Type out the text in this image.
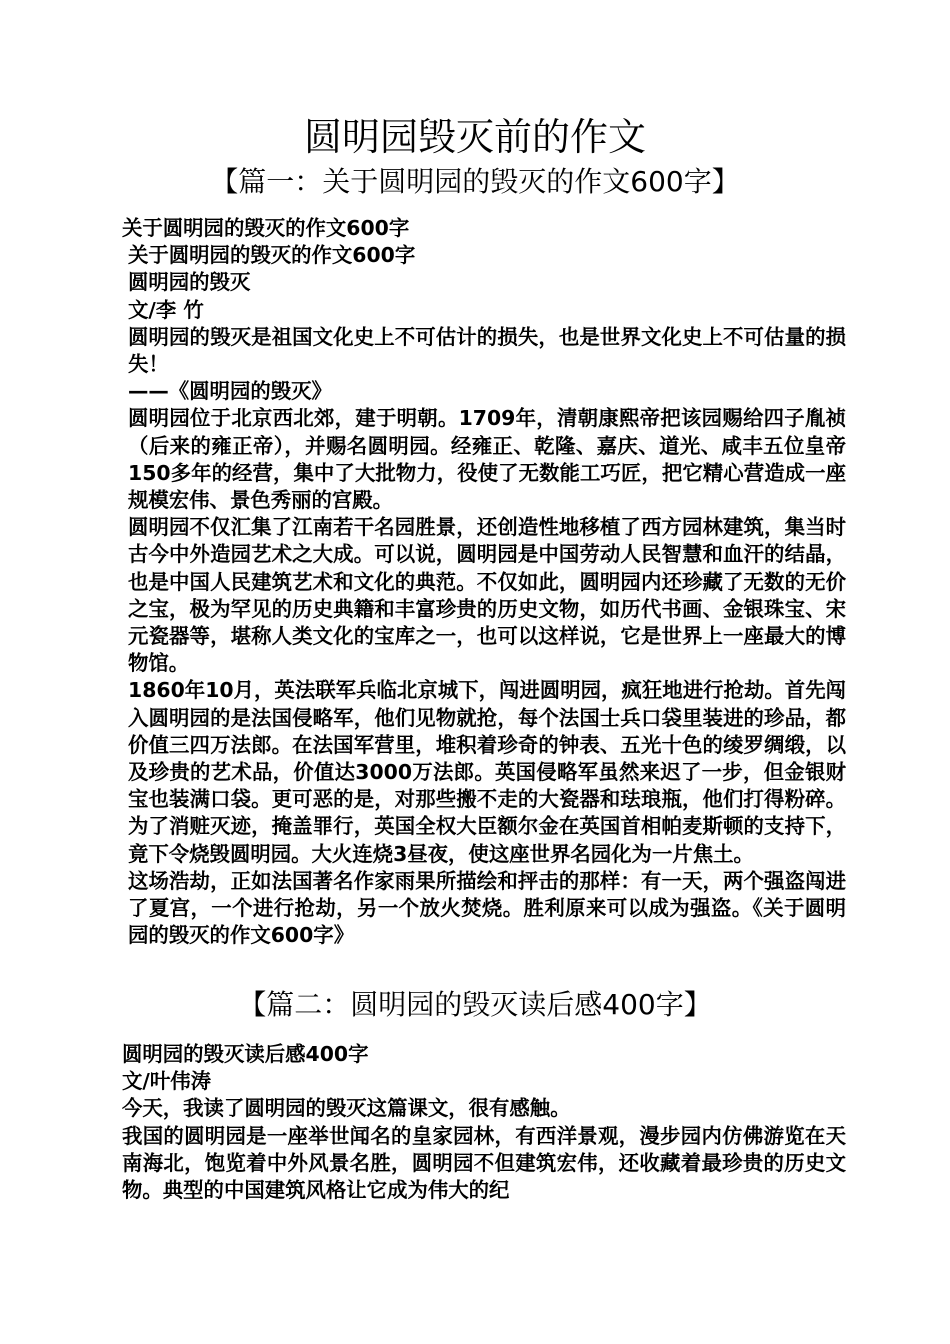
圆明园毁灭前的作文
【篇一：关于圆明园的毁灭的作文600字】

关于圆明园的毁灭的作文600字

关于圆明园的毁灭的作文600字

圆明园的毁灭

文/李 竹

圆明园的毁灭是祖国文化史上不可估计的损失，也是世界文化史上不可估量的损失！

——《圆明园的毁灭》

圆明园位于北京西北郊，建于明朝。1709年，清朝康熙帝把该园赐给四子胤祯（后来的雍正帝），并赐名圆明园。经雍正、乾隆、嘉庆、道光、咸丰五位皇帝150多年的经营，集中了大批物力，役使了无数能工巧匠，把它精心营造成一座规模宏伟、景色秀丽的宫殿。

圆明园不仅汇集了江南若干名园胜景，还创造性地移植了西方园林建筑，集当时古今中外造园艺术之大成。可以说，圆明园是中国劳动人民智慧和血汗的结晶，也是中国人民建筑艺术和文化的典范。不仅如此，圆明园内还珍藏了无数的无价之宝，极为罕见的历史典籍和丰富珍贵的历史文物，如历代书画、金银珠宝、宋元瓷器等，堪称人类文化的宝库之一，也可以这样说，它是世界上一座最大的博物馆。

1860年10月，英法联军兵临北京城下，闯进圆明园，疯狂地进行抢劫。首先闯入圆明园的是法国侵略军，他们见物就抢，每个法国士兵口袋里装进的珍品，都价值三四万法郎。在法国军营里，堆积着珍奇的钟表、五光十色的绫罗绸缎，以及珍贵的艺术品，价值达3000万法郎。英国侵略军虽然来迟了一步，但金银财宝也装满口袋。更可恶的是，对那些搬不走的大瓷器和珐琅瓶，他们打得粉碎。为了消赃灭迹，掩盖罪行，英国全权大臣额尔金在英国首相帕麦斯顿的支持下，竟下令烧毁圆明园。大火连烧3昼夜，使这座世界名园化为一片焦土。

这场浩劫，正如法国著名作家雨果所描绘和抨击的那样：有一天，两个强盗闯进了夏宫，一个进行抢劫，另一个放火焚烧。胜利原来可以成为强盗。《关于圆明园的毁灭的作文600字》

【篇二：圆明园的毁灭读后感400字】

圆明园的毁灭读后感400字

文/叶伟涛

今天，我读了圆明园的毁灭这篇课文，很有感触。

我国的圆明园是一座举世闻名的皇家园林，有西洋景观，漫步园内仿佛游览在天南海北，饱览着中外风景名胜，圆明园不但建筑宏伟，还收藏着最珍贵的历史文物。典型的中国建筑风格让它成为伟大的纪
